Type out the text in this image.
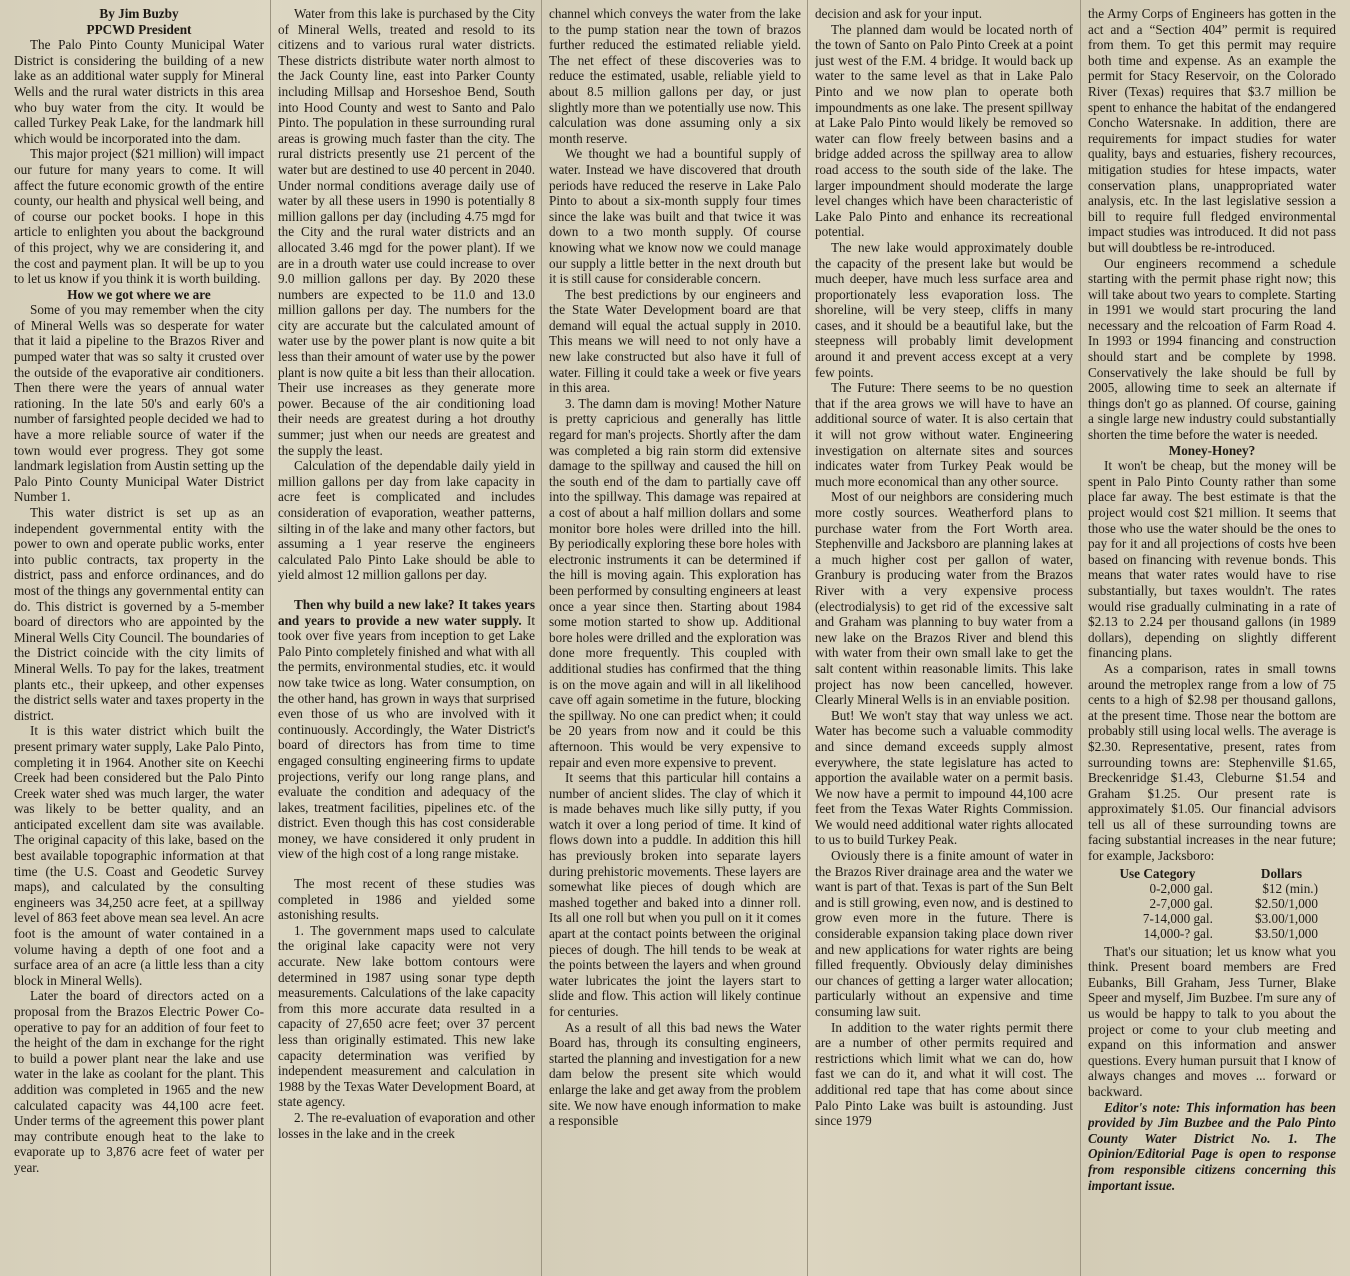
By Jim Buzby

PPCWD President

The Palo Pinto County Municipal Water District is considering the building of a new lake as an additional water supply for Mineral Wells and the rural water districts in this area who buy water from the city. It would be called Turkey Peak Lake, for the landmark hill which would be incorporated into the dam.

This major project ($21 million) will impact our future for many years to come. It will affect the future economic growth of the entire county, our health and physical well being, and of course our pocket books. I hope in this article to enlighten you about the background of this project, why we are considering it, and the cost and payment plan. It will be up to you to let us know if you think it is worth building.

How we got where we are

Some of you may remember when the city of Mineral Wells was so desperate for water that it laid a pipeline to the Brazos River and pumped water that was so salty it crusted over the outside of the evaporative air conditioners. Then there were the years of annual water rationing. In the late 50's and early 60's a number of farsighted people decided we had to have a more reliable source of water if the town would ever progress. They got some landmark legislation from Austin setting up the Palo Pinto County Municipal Water District Number 1.

This water district is set up as an independent governmental entity with the power to own and operate public works, enter into public contracts, tax property in the district, pass and enforce ordinances, and do most of the things any governmental entity can do. This district is governed by a 5-member board of directors who are appointed by the Mineral Wells City Council. The boundaries of the District coincide with the city limits of Mineral Wells. To pay for the lakes, treatment plants etc., their upkeep, and other expenses the district sells water and taxes property in the district.

It is this water district which built the present primary water supply, Lake Palo Pinto, completing it in 1964. Another site on Keechi Creek had been considered but the Palo Pinto Creek water shed was much larger, the water was likely to be better quality, and an anticipated excellent dam site was available. The original capacity of this lake, based on the best available topographic information at that time (the U.S. Coast and Geodetic Survey maps), and calculated by the consulting engineers was 34,250 acre feet, at a spillway level of 863 feet above mean sea level. An acre foot is the amount of water contained in a volume having a depth of one foot and a surface area of an acre (a little less than a city block in Mineral Wells).

Later the board of directors acted on a proposal from the Brazos Electric Power Co-operative to pay for an addition of four feet to the height of the dam in exchange for the right to build a power plant near the lake and use water in the lake as coolant for the plant. This addition was completed in 1965 and the new calculated capacity was 44,100 acre feet. Under terms of the agreement this power plant may contribute enough heat to the lake to evaporate up to 3,876 acre feet of water per year.

Water from this lake is purchased by the City of Mineral Wells, treated and resold to its citizens and to various rural water districts. These districts distribute water north almost to the Jack County line, east into Parker County including Millsap and Horseshoe Bend, South into Hood County and west to Santo and Palo Pinto. The population in these surrounding rural areas is growing much faster than the city. The rural districts presently use 21 percent of the water but are destined to use 40 percent in 2040. Under normal conditions average daily use of water by all these users in 1990 is potentially 8 million gallons per day (including 4.75 mgd for the City and the rural water districts and an allocated 3.46 mgd for the power plant). If we are in a drouth water use could increase to over 9.0 million gallons per day. By 2020 these numbers are expected to be 11.0 and 13.0 million gallons per day. The numbers for the city are accurate but the calculated amount of water use by the power plant is now quite a bit less than their amount of water use by the power plant is now quite a bit less than their allocation. Their use increases as they generate more power. Because of the air conditioning load their needs are greatest during a hot drouthy summer; just when our needs are greatest and the supply the least.

Calculation of the dependable daily yield in million gallons per day from lake capacity in acre feet is complicated and includes consideration of evaporation, weather patterns, silting in of the lake and many other factors, but assuming a 1 year reserve the engineers calculated Palo Pinto Lake should be able to yield almost 12 million gallons per day.

Then why build a new lake? It takes years and years to provide a new water supply. It took over five years from inception to get Lake Palo Pinto completely finished and what with all the permits, environmental studies, etc. it would now take twice as long. Water consumption, on the other hand, has grown in ways that surprised even those of us who are involved with it continuously. Accordingly, the Water District's board of directors has from time to time engaged consulting engineering firms to update projections, verify our long range plans, and evaluate the condition and adequacy of the lakes, treatment facilities, pipelines etc. of the district. Even though this has cost considerable money, we have considered it only prudent in view of the high cost of a long range mistake.

The most recent of these studies was completed in 1986 and yielded some astonishing results.

1. The government maps used to calculate the original lake capacity were not very accurate. New lake bottom contours were determined in 1987 using sonar type depth measurements. Calculations of the lake capacity from this more accurate data resulted in a capacity of 27,650 acre feet; over 37 percent less than originally estimated. This new lake capacity determination was verified by independent measurement and calculation in 1988 by the Texas Water Development Board, at state agency.

2. The re-evaluation of evaporation and other losses in the lake and in the creek

channel which conveys the water from the lake to the pump station near the town of brazos further reduced the estimated reliable yield. The net effect of these discoveries was to reduce the estimated, usable, reliable yield to about 8.5 million gallons per day, or just slightly more than we potentially use now. This calculation was done assuming only a six month reserve.

We thought we had a bountiful supply of water. Instead we have discovered that drouth periods have reduced the reserve in Lake Palo Pinto to about a six-month supply four times since the lake was built and that twice it was down to a two month supply. Of course knowing what we know now we could manage our supply a little better in the next drouth but it is still cause for considerable concern.

The best predictions by our engineers and the State Water Development board are that demand will equal the actual supply in 2010. This means we will need to not only have a new lake constructed but also have it full of water. Filling it could take a week or five years in this area.

3. The damn dam is moving! Mother Nature is pretty capricious and generally has little regard for man's projects. Shortly after the dam was completed a big rain storm did extensive damage to the spillway and caused the hill on the south end of the dam to partially cave off into the spillway. This damage was repaired at a cost of about a half million dollars and some monitor bore holes were drilled into the hill. By periodically exploring these bore holes with electronic instruments it can be determined if the hill is moving again. This exploration has been performed by consulting engineers at least once a year since then. Starting about 1984 some motion started to show up. Additional bore holes were drilled and the exploration was done more frequently. This coupled with additional studies has confirmed that the thing is on the move again and will in all likelihood cave off again sometime in the future, blocking the spillway. No one can predict when; it could be 20 years from now and it could be this afternoon. This would be very expensive to repair and even more expensive to prevent.

It seems that this particular hill contains a number of ancient slides. The clay of which it is made behaves much like silly putty, if you watch it over a long period of time. It kind of flows down into a puddle. In addition this hill has previously broken into separate layers during prehistoric movements. These layers are somewhat like pieces of dough which are mashed together and baked into a dinner roll. Its all one roll but when you pull on it it comes apart at the contact points between the original pieces of dough. The hill tends to be weak at the points between the layers and when ground water lubricates the joint the layers start to slide and flow. This action will likely continue for centuries.

As a result of all this bad news the Water Board has, through its consulting engineers, started the planning and investigation for a new dam below the present site which would enlarge the lake and get away from the problem site. We now have enough information to make a responsible

decision and ask for your input.

The planned dam would be located north of the town of Santo on Palo Pinto Creek at a point just west of the F.M. 4 bridge. It would back up water to the same level as that in Lake Palo Pinto and we now plan to operate both impoundments as one lake. The present spillway at Lake Palo Pinto would likely be removed so water can flow freely between basins and a bridge added across the spillway area to allow road access to the south side of the lake. The larger impoundment should moderate the large level changes which have been characteristic of Lake Palo Pinto and enhance its recreational potential.

The new lake would approximately double the capacity of the present lake but would be much deeper, have much less surface area and proportionately less evaporation loss. The shoreline, will be very steep, cliffs in many cases, and it should be a beautiful lake, but the steepness will probably limit development around it and prevent access except at a very few points.

The Future: There seems to be no question that if the area grows we will have to have an additional source of water. It is also certain that it will not grow without water. Engineering investigation on alternate sites and sources indicates water from Turkey Peak would be much more economical than any other source.

Most of our neighbors are considering much more costly sources. Weatherford plans to purchase water from the Fort Worth area. Stephenville and Jacksboro are planning lakes at a much higher cost per gallon of water, Granbury is producing water from the Brazos River with a very expensive process (electrodialysis) to get rid of the excessive salt and Graham was planning to buy water from a new lake on the Brazos River and blend this with water from their own small lake to get the salt content within reasonable limits. This lake project has now been cancelled, however. Clearly Mineral Wells is in an enviable position.

But! We won't stay that way unless we act. Water has become such a valuable commodity and since demand exceeds supply almost everywhere, the state legislature has acted to apportion the available water on a permit basis. We now have a permit to impound 44,100 acre feet from the Texas Water Rights Commission. We would need additional water rights allocated to us to build Turkey Peak.

Oviously there is a finite amount of water in the Brazos River drainage area and the water we want is part of that. Texas is part of the Sun Belt and is still growing, even now, and is destined to grow even more in the future. There is considerable expansion taking place down river and new applications for water rights are being filled frequently. Obviously delay diminishes our chances of getting a larger water allocation; particularly without an expensive and time consuming law suit.

In addition to the water rights permit there are a number of other permits required and restrictions which limit what we can do, how fast we can do it, and what it will cost. The additional red tape that has come about since Palo Pinto Lake was built is astounding. Just since 1979

the Army Corps of Engineers has gotten in the act and a “Section 404” permit is required from them. To get this permit may require both time and expense. As an example the permit for Stacy Reservoir, on the Colorado River (Texas) requires that $3.7 million be spent to enhance the habitat of the endangered Concho Watersnake. In addition, there are requirements for impact studies for water quality, bays and estuaries, fishery recources, mitigation studies for htese impacts, water conservation plans, unappropriated water analysis, etc. In the last legislative session a bill to require full fledged environmental impact studies was introduced. It did not pass but will doubtless be re-introduced.

Our engineers recommend a schedule starting with the permit phase right now; this will take about two years to complete. Starting in 1991 we would start procuring the land necessary and the relcoation of Farm Road 4. In 1993 or 1994 financing and construction should start and be complete by 1998. Conservatively the lake should be full by 2005, allowing time to seek an alternate if things don't go as planned. Of course, gaining a single large new industry could substantially shorten the time before the water is needed.

Money-Honey?

It won't be cheap, but the money will be spent in Palo Pinto County rather than some place far away. The best estimate is that the project would cost $21 million. It seems that those who use the water should be the ones to pay for it and all projections of costs hve been based on financing with revenue bonds. This means that water rates would have to rise substantially, but taxes wouldn't. The rates would rise gradually culminating in a rate of $2.13 to 2.24 per thousand gallons (in 1989 dollars), depending on slightly different financing plans.

As a comparison, rates in small towns around the metroplex range from a low of 75 cents to a high of $2.98 per thousand gallons, at the present time. Those near the bottom are probably still using local wells. The average is $2.30. Representative, present, rates from surrounding towns are: Stephenville $1.65, Breckenridge $1.43, Cleburne $1.54 and Graham $1.25. Our present rate is approximately $1.05. Our financial advisors tell us all of these surrounding towns are facing substantial increases in the near future; for example, Jacksboro:

Use Category	Dollars
0-2,000 gal.	$12 (min.)
2-7,000 gal.	$2.50/1,000
7-14,000 gal.	$3.00/1,000
14,000-? gal.	$3.50/1,000

That's our situation; let us know what you think. Present board members are Fred Eubanks, Bill Graham, Jess Turner, Blake Speer and myself, Jim Buzbee. I'm sure any of us would be happy to talk to you about the project or come to your club meeting and expand on this information and answer questions. Every human pursuit that I know of always changes and moves ... forward or backward.

Editor's note: This information has been provided by Jim Buzbee and the Palo Pinto County Water District No. 1. The Opinion/Editorial Page is open to response from responsible citizens concerning this important issue.
